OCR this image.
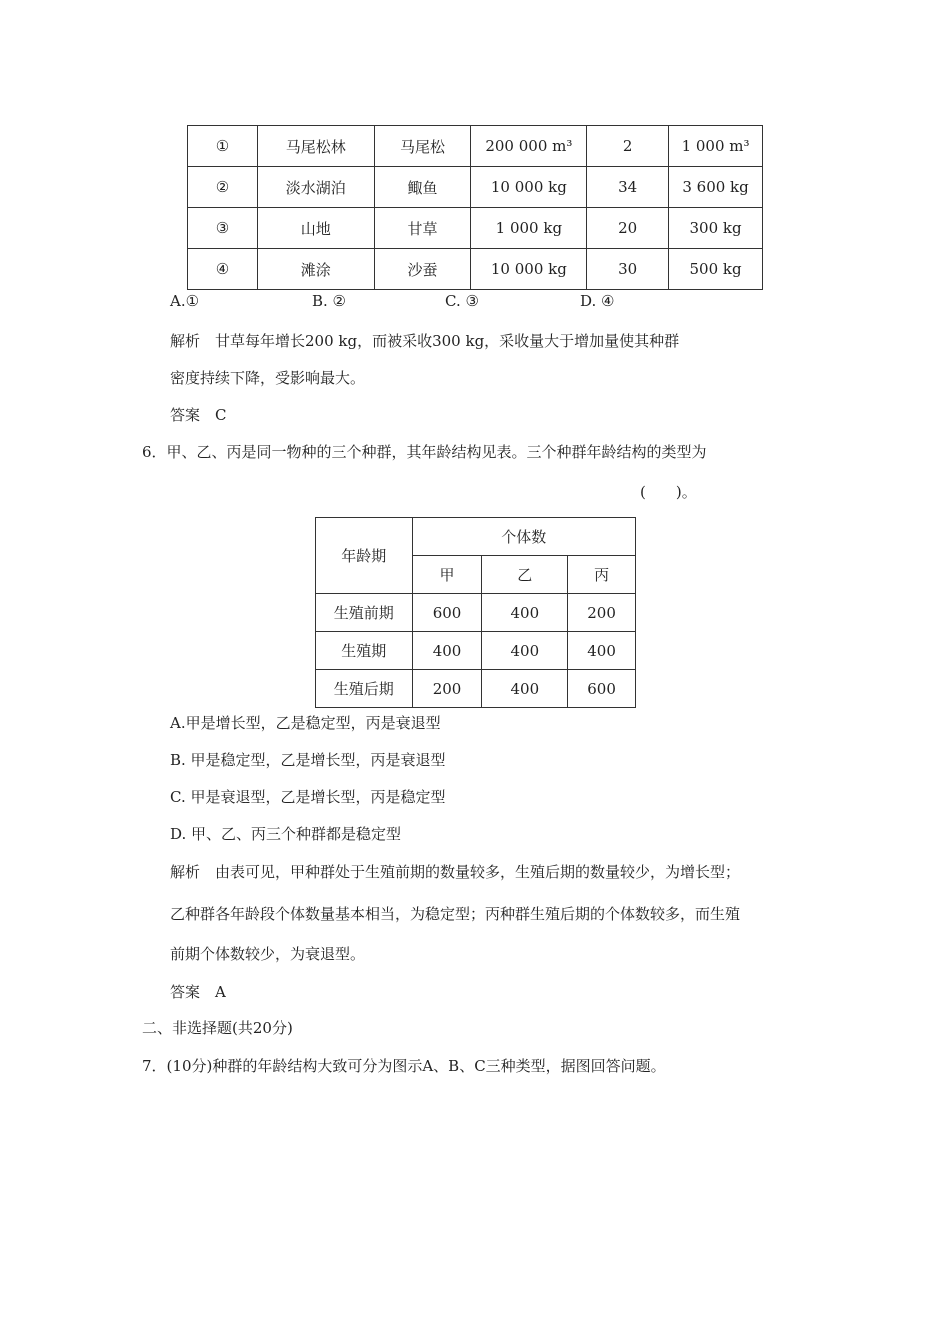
①	马尾松林	马尾松	200 000 m³	2	1 000 m³
②	淡水湖泊	鲰鱼	10 000 kg	34	3 600 kg
③	山地	甘草	1 000 kg	20	300 kg
④	滩涂	沙蚕	10 000 kg	30	500 kg
A.①	B. ②	C. ③	D. ④
解析　甘草每年增长200 kg，而被采收300 kg，采收量大于增加量使其种群
密度持续下降，受影响最大。
答案　C
6．甲、乙、丙是同一物种的三个种群，其年龄结构见表。三个种群年龄结构的类型为
(　　)。
年龄期	个体数		
	甲	乙	丙
生殖前期	600	400	200
生殖期	400	400	400
生殖后期	200	400	600
A.甲是增长型，乙是稳定型，丙是衰退型
B. 甲是稳定型，乙是增长型，丙是衰退型
C. 甲是衰退型，乙是增长型，丙是稳定型
D. 甲、乙、丙三个种群都是稳定型
解析　由表可见，甲种群处于生殖前期的数量较多，生殖后期的数量较少，为增长型；
乙种群各年龄段个体数量基本相当，为稳定型；丙种群生殖后期的个体数较多，而生殖
前期个体数较少，为衰退型。
答案　A
二、非选择题(共20分)
7．(10分)种群的年龄结构大致可分为图示A、B、C三种类型，据图回答问题。
